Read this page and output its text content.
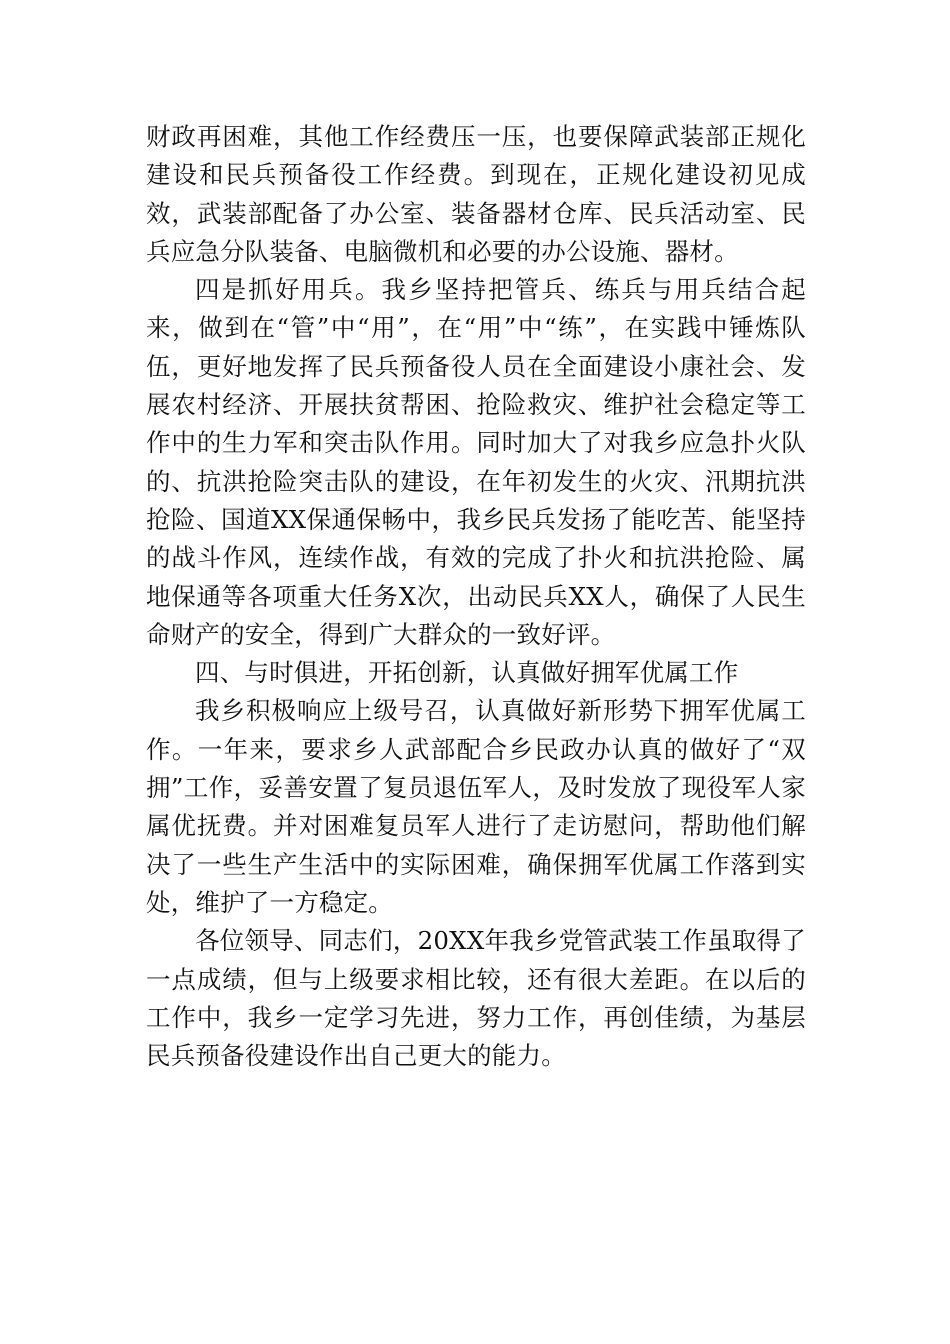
财政再困难，其他工作经费压一压，也要保障武装部正规化建设和民兵预备役工作经费。到现在，正规化建设初见成效，武装部配备了办公室、装备器材仓库、民兵活动室、民兵应急分队装备、电脑微机和必要的办公设施、器材。

四是抓好用兵。我乡坚持把管兵、练兵与用兵结合起来，做到在“管”中“用”，在“用”中“练”，在实践中锤炼队伍，更好地发挥了民兵预备役人员在全面建设小康社会、发展农村经济、开展扶贫帮困、抢险救灾、维护社会稳定等工作中的生力军和突击队作用。同时加大了对我乡应急扑火队的、抗洪抢险突击队的建设，在年初发生的火灾、汛期抗洪抢险、国道XX保通保畅中，我乡民兵发扬了能吃苦、能坚持的战斗作风，连续作战，有效的完成了扑火和抗洪抢险、属地保通等各项重大任务X次，出动民兵XX人，确保了人民生命财产的安全，得到广大群众的一致好评。

四、与时俱进，开拓创新，认真做好拥军优属工作

我乡积极响应上级号召，认真做好新形势下拥军优属工作。一年来，要求乡人武部配合乡民政办认真的做好了“双拥”工作，妥善安置了复员退伍军人，及时发放了现役军人家属优抚费。并对困难复员军人进行了走访慰问，帮助他们解决了一些生产生活中的实际困难，确保拥军优属工作落到实处，维护了一方稳定。

各位领导、同志们，20XX年我乡党管武装工作虽取得了一点成绩，但与上级要求相比较，还有很大差距。在以后的工作中，我乡一定学习先进，努力工作，再创佳绩，为基层民兵预备役建设作出自己更大的能力。
